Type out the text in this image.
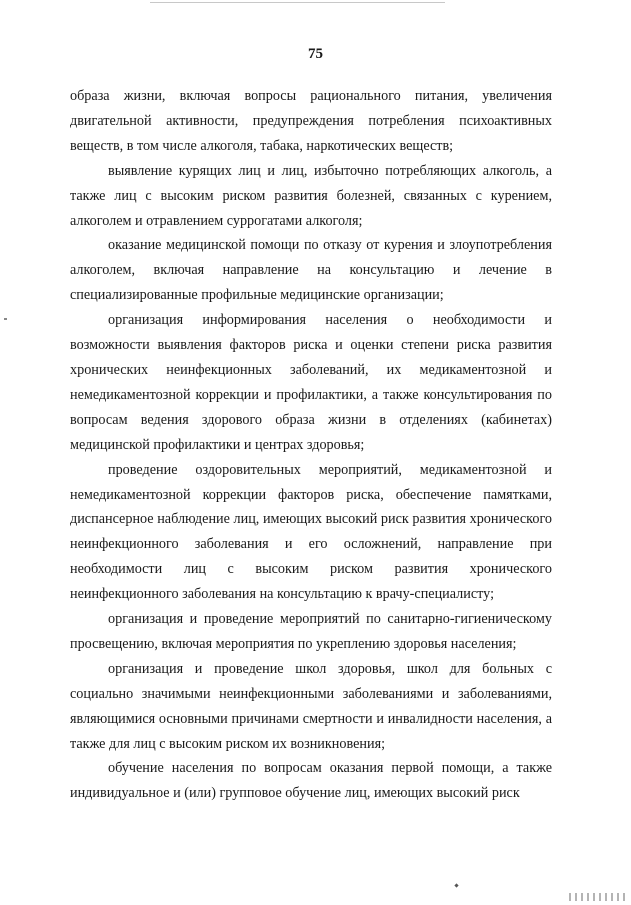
75

образа жизни, включая вопросы рационального питания, увеличения двигательной активности, предупреждения потребления психоактивных веществ, в том числе алкоголя, табака, наркотических веществ;

выявление курящих лиц и лиц, избыточно потребляющих алкоголь, а также лиц с высоким риском развития болезней, связанных с курением, алкоголем и отравлением суррогатами алкоголя;

оказание медицинской помощи по отказу от курения и злоупотребления алкоголем, включая направление на консультацию и лечение в специализированные профильные медицинские организации;

организация информирования населения о необходимости и возможности выявления факторов риска и оценки степени риска развития хронических неинфекционных заболеваний, их медикаментозной и немедикаментозной коррекции и профилактики, а также консультирования по вопросам ведения здорового образа жизни в отделениях (кабинетах) медицинской профилактики и центрах здоровья;

проведение оздоровительных мероприятий, медикаментозной и немедикаментозной коррекции факторов риска, обеспечение памятками, диспансерное наблюдение лиц, имеющих высокий риск развития хронического неинфекционного заболевания и его осложнений, направление при необходимости лиц с высоким риском развития хронического неинфекционного заболевания на консультацию к врачу-специалисту;

организация и проведение мероприятий по санитарно-гигиеническому просвещению, включая мероприятия по укреплению здоровья населения;

организация и проведение школ здоровья, школ для больных с социально значимыми неинфекционными заболеваниями и заболеваниями, являющимися основными причинами смертности и инвалидности населения, а также для лиц с высоким риском их возникновения;

обучение населения по вопросам оказания первой помощи, а также индивидуальное и (или) групповое обучение лиц, имеющих высокий риск
